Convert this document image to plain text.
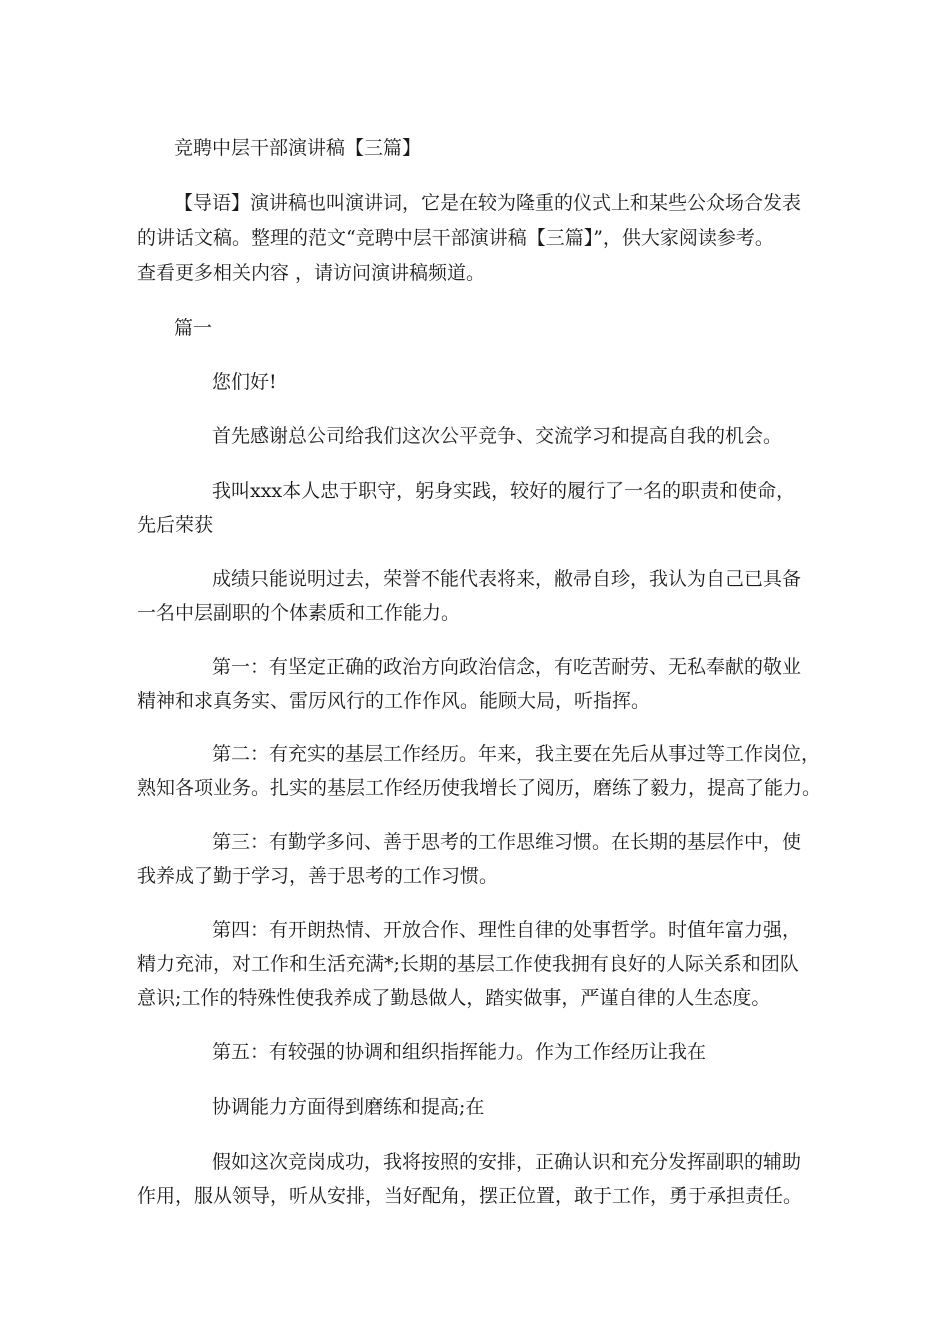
竞聘中层干部演讲稿【三篇】
【导语】演讲稿也叫演讲词，它是在较为隆重的仪式上和某些公众场合发表
的讲话文稿。整理的范文“竞聘中层干部演讲稿【三篇】”，供大家阅读参考。
查看更多相关内容 ，请访问演讲稿频道。
篇一
您们好!
首先感谢总公司给我们这次公平竞争、交流学习和提高自我的机会。
我叫xxx本人忠于职守，躬身实践，较好的履行了一名的职责和使命，
先后荣获
成绩只能说明过去，荣誉不能代表将来，敝帚自珍，我认为自己已具备
一名中层副职的个体素质和工作能力。
第一：有坚定正确的政治方向政治信念，有吃苦耐劳、无私奉献的敬业
精神和求真务实、雷厉风行的工作作风。能顾大局，听指挥。
第二：有充实的基层工作经历。年来，我主要在先后从事过等工作岗位，
熟知各项业务。扎实的基层工作经历使我增长了阅历，磨练了毅力，提高了能力。
第三：有勤学多问、善于思考的工作思维习惯。在长期的基层作中，使
我养成了勤于学习，善于思考的工作习惯。
第四：有开朗热情、开放合作、理性自律的处事哲学。时值年富力强，
精力充沛，对工作和生活充满*;长期的基层工作使我拥有良好的人际关系和团队
意识;工作的特殊性使我养成了勤恳做人，踏实做事，严谨自律的人生态度。
第五：有较强的协调和组织指挥能力。作为工作经历让我在
协调能力方面得到磨练和提高;在
假如这次竞岗成功，我将按照的安排，正确认识和充分发挥副职的辅助
作用，服从领导，听从安排，当好配角，摆正位置，敢于工作，勇于承担责任。
